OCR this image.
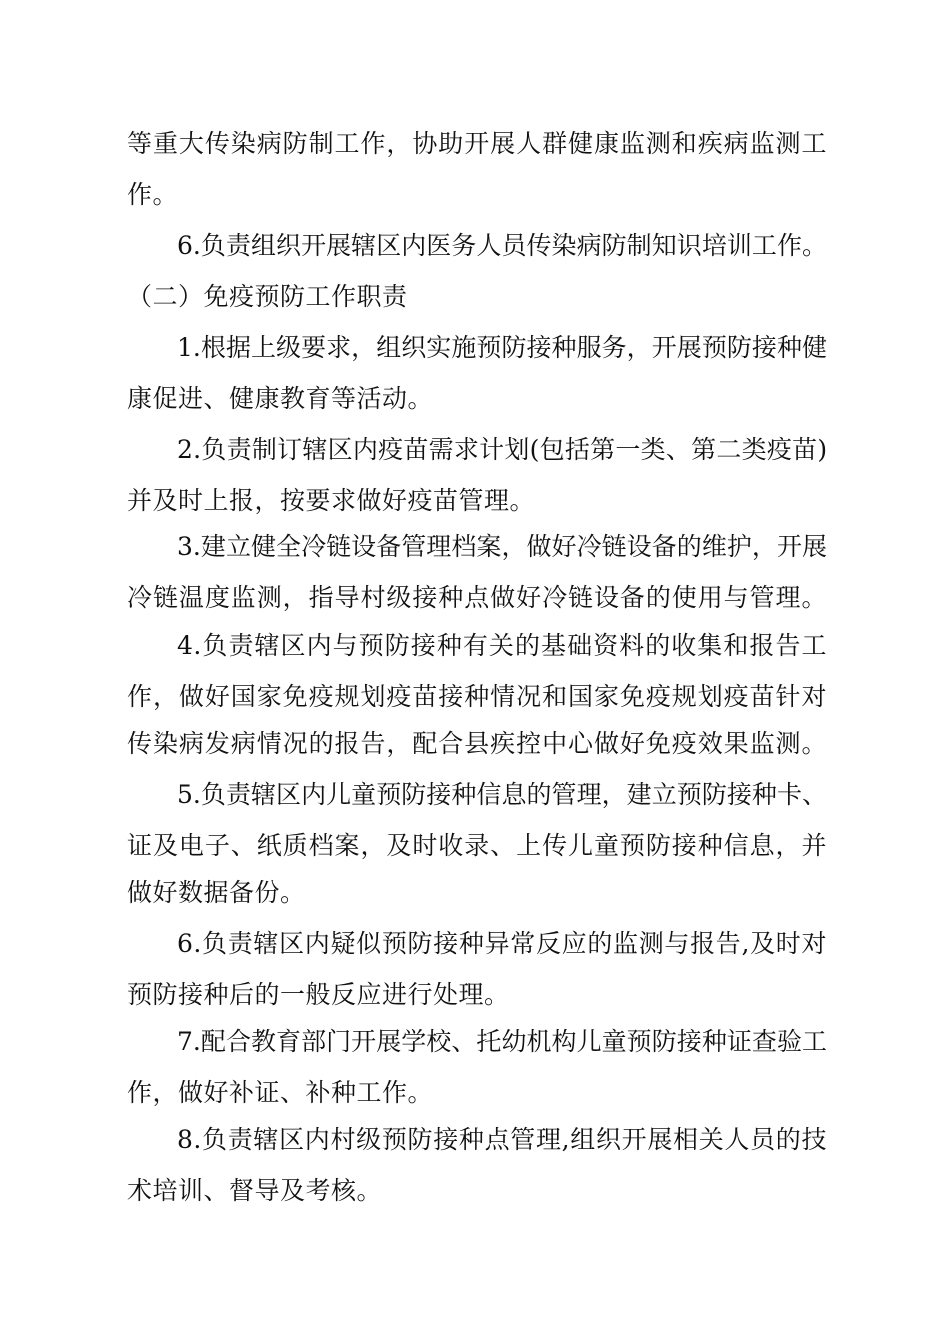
等重大传染病防制工作，协助开展人群健康监测和疾病监测工
作。
6.负责组织开展辖区内医务人员传染病防制知识培训工作。
（二）免疫预防工作职责
1.根据上级要求，组织实施预防接种服务，开展预防接种健
康促进、健康教育等活动。
2.负责制订辖区内疫苗需求计划(包括第一类、第二类疫苗)
并及时上报，按要求做好疫苗管理。
3.建立健全冷链设备管理档案，做好冷链设备的维护，开展
冷链温度监测，指导村级接种点做好冷链设备的使用与管理。
4.负责辖区内与预防接种有关的基础资料的收集和报告工
作，做好国家免疫规划疫苗接种情况和国家免疫规划疫苗针对
传染病发病情况的报告，配合县疾控中心做好免疫效果监测。
5.负责辖区内儿童预防接种信息的管理，建立预防接种卡、
证及电子、纸质档案，及时收录、上传儿童预防接种信息，并
做好数据备份。
6.负责辖区内疑似预防接种异常反应的监测与报告,及时对
预防接种后的一般反应进行处理。
7.配合教育部门开展学校、托幼机构儿童预防接种证查验工
作，做好补证、补种工作。
8.负责辖区内村级预防接种点管理,组织开展相关人员的技
术培训、督导及考核。
